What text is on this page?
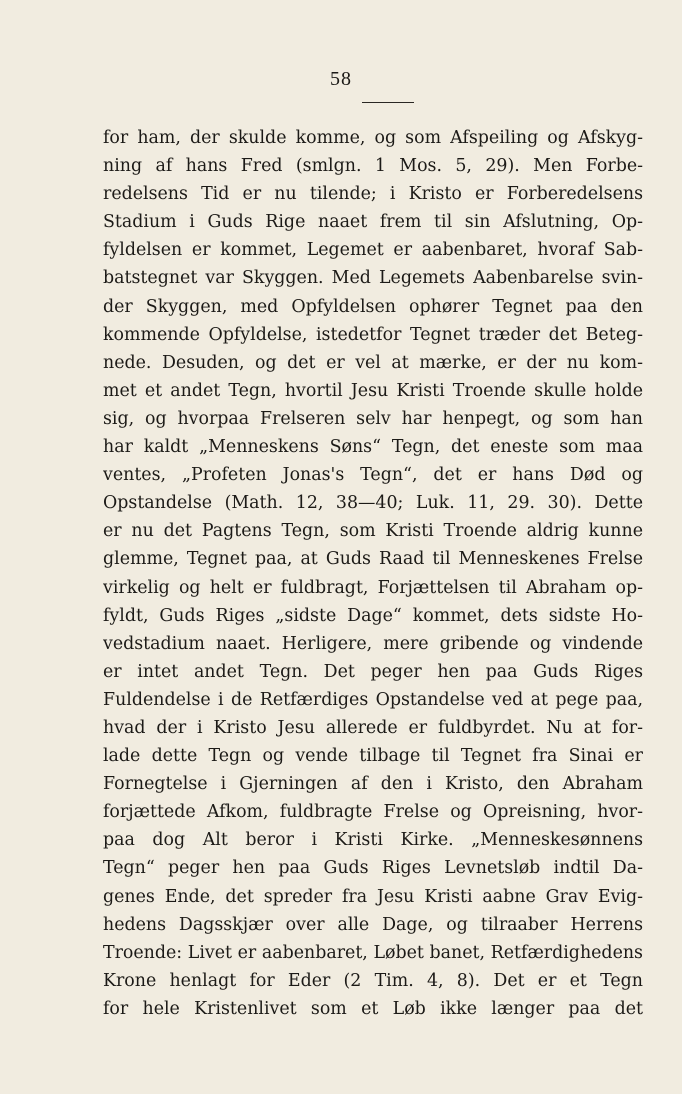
58
for ham, der skulde komme, og som Afspeiling og Afskyg-
ning af hans Fred (smlgn. 1 Mos. 5, 29). Men Forbe-
redelsens Tid er nu tilende; i Kristo er Forberedelsens
Stadium i Guds Rige naaet frem til sin Afslutning, Op-
fyldelsen er kommet, Legemet er aabenbaret, hvoraf Sab-
batstegnet var Skyggen. Med Legemets Aabenbarelse svin-
der Skyggen, med Opfyldelsen ophører Tegnet paa den
kommende Opfyldelse, istedetfor Tegnet træder det Beteg-
nede. Desuden, og det er vel at mærke, er der nu kom-
met et andet Tegn, hvortil Jesu Kristi Troende skulle holde
sig, og hvorpaa Frelseren selv har henpegt, og som han
har kaldt „Menneskens Søns“ Tegn, det eneste som maa
ventes, „Profeten Jonas's Tegn“, det er hans Død og
Opstandelse (Math. 12, 38—40; Luk. 11, 29. 30). Dette
er nu det Pagtens Tegn, som Kristi Troende aldrig kunne
glemme, Tegnet paa, at Guds Raad til Menneskenes Frelse
virkelig og helt er fuldbragt, Forjættelsen til Abraham op-
fyldt, Guds Riges „sidste Dage“ kommet, dets sidste Ho-
vedstadium naaet. Herligere, mere gribende og vindende
er intet andet Tegn. Det peger hen paa Guds Riges
Fuldendelse i de Retfærdiges Opstandelse ved at pege paa,
hvad der i Kristo Jesu allerede er fuldbyrdet. Nu at for-
lade dette Tegn og vende tilbage til Tegnet fra Sinai er
Fornegtelse i Gjerningen af den i Kristo, den Abraham
forjættede Afkom, fuldbragte Frelse og Opreisning, hvor-
paa dog Alt beror i Kristi Kirke. „Menneskesønnens
Tegn“ peger hen paa Guds Riges Levnetsløb indtil Da-
genes Ende, det spreder fra Jesu Kristi aabne Grav Evig-
hedens Dagsskjær over alle Dage, og tilraaber Herrens
Troende: Livet er aabenbaret, Løbet banet, Retfærdighedens
Krone henlagt for Eder (2 Tim. 4, 8). Det er et Tegn
for hele Kristenlivet som et Løb ikke længer paa det
